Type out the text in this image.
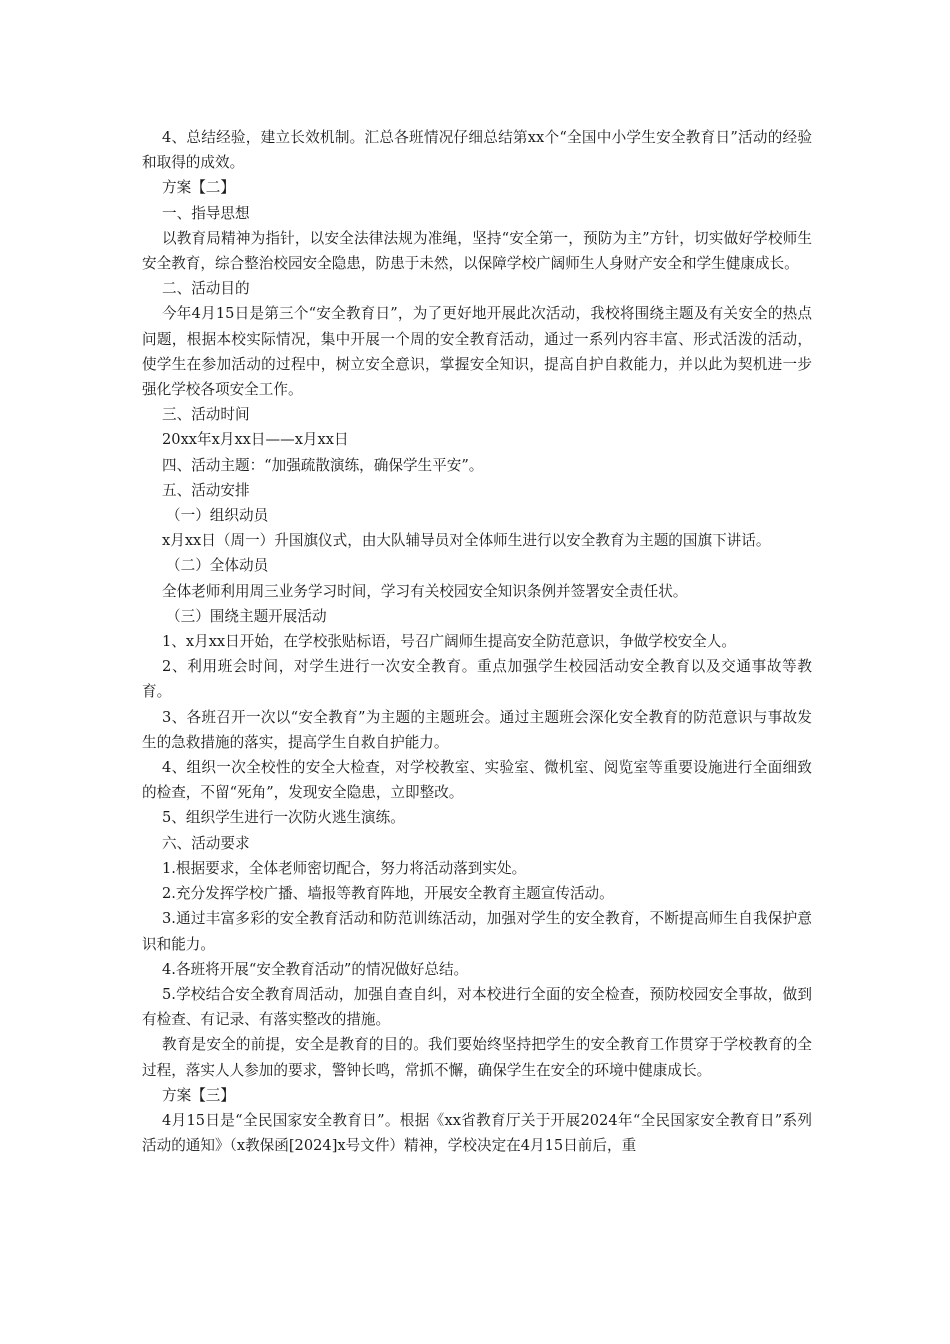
4、总结经验，建立长效机制。汇总各班情况仔细总结第xx个“全国中小学生安全教育日”活动的经验和取得的成效。

方案【二】

一、指导思想

以教育局精神为指针，以安全法律法规为准绳，坚持“安全第一，预防为主”方针，切实做好学校师生安全教育，综合整治校园安全隐患，防患于未然，以保障学校广阔师生人身财产安全和学生健康成长。

二、活动目的

今年4月15日是第三个“安全教育日”，为了更好地开展此次活动，我校将围绕主题及有关安全的热点问题，根据本校实际情况，集中开展一个周的安全教育活动，通过一系列内容丰富、形式活泼的活动，使学生在参加活动的过程中，树立安全意识，掌握安全知识，提高自护自救能力，并以此为契机进一步强化学校各项安全工作。

三、活动时间

20xx年x月xx日——x月xx日

四、活动主题：“加强疏散演练，确保学生平安”。

五、活动安排

（一）组织动员

x月xx日（周一）升国旗仪式，由大队辅导员对全体师生进行以安全教育为主题的国旗下讲话。

（二）全体动员

全体老师利用周三业务学习时间，学习有关校园安全知识条例并签署安全责任状。

（三）围绕主题开展活动

1、x月xx日开始，在学校张贴标语，号召广阔师生提高安全防范意识，争做学校安全人。

2、利用班会时间，对学生进行一次安全教育。重点加强学生校园活动安全教育以及交通事故等教育。

3、各班召开一次以“安全教育”为主题的主题班会。通过主题班会深化安全教育的防范意识与事故发生的急救措施的落实，提高学生自救自护能力。

4、组织一次全校性的安全大检查，对学校教室、实验室、微机室、阅览室等重要设施进行全面细致的检查，不留“死角”，发现安全隐患，立即整改。

5、组织学生进行一次防火逃生演练。

六、活动要求

1.根据要求，全体老师密切配合，努力将活动落到实处。

2.充分发挥学校广播、墙报等教育阵地，开展安全教育主题宣传活动。

3.通过丰富多彩的安全教育活动和防范训练活动，加强对学生的安全教育，不断提高师生自我保护意识和能力。

4.各班将开展“安全教育活动”的情况做好总结。

5.学校结合安全教育周活动，加强自查自纠，对本校进行全面的安全检查，预防校园安全事故，做到有检查、有记录、有落实整改的措施。

教育是安全的前提，安全是教育的目的。我们要始终坚持把学生的安全教育工作贯穿于学校教育的全过程，落实人人参加的要求，警钟长鸣，常抓不懈，确保学生在安全的环境中健康成长。

方案【三】

4月15日是“全民国家安全教育日”。根据《xx省教育厅关于开展2024年“全民国家安全教育日”系列活动的通知》（x教保函[2024]x号文件）精神，学校决定在4月15日前后，重
